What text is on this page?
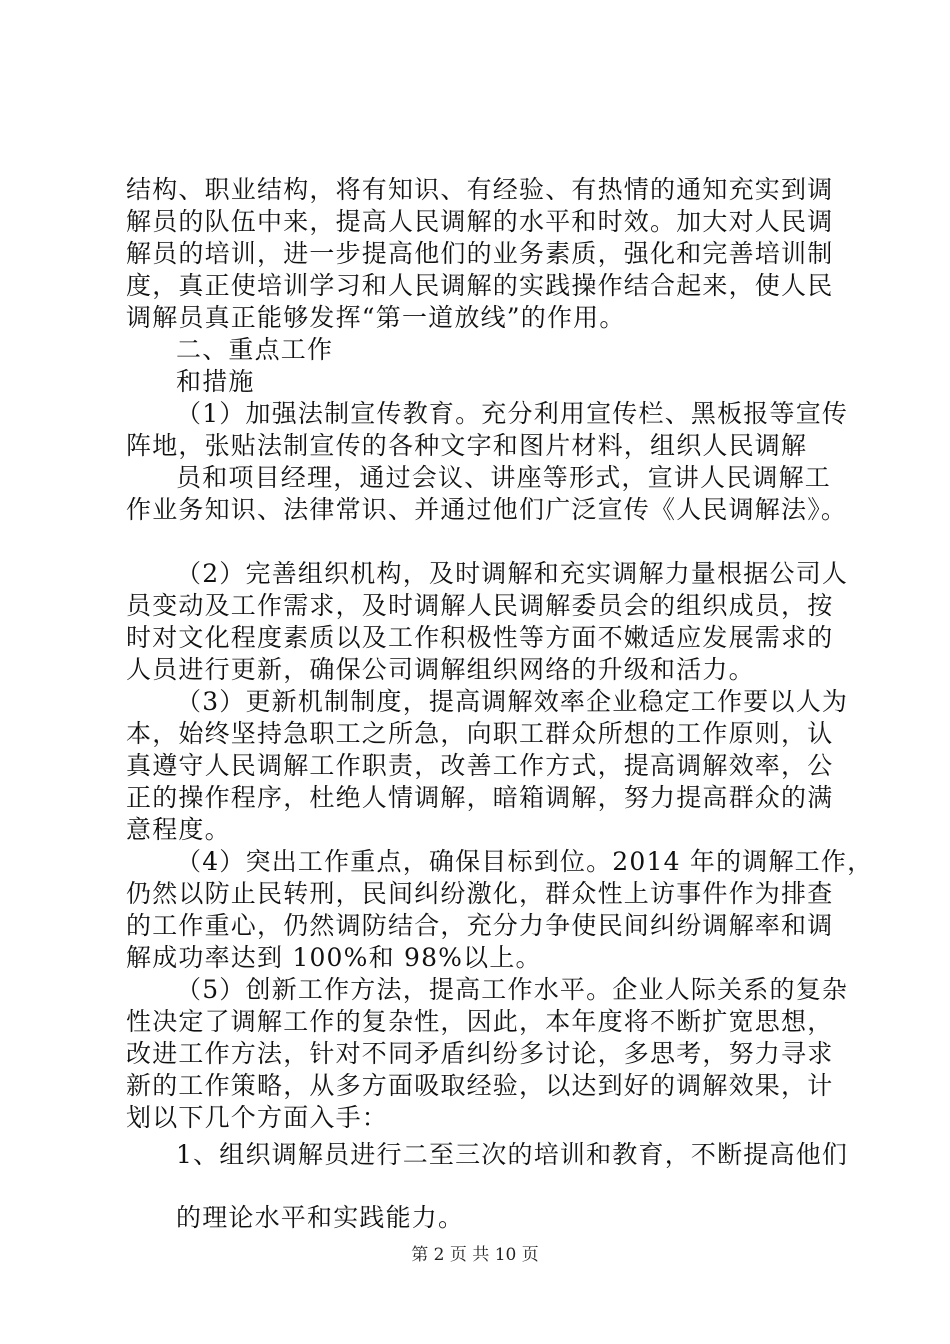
结构、职业结构，将有知识、有经验、有热情的通知充实到调
解员的队伍中来，提高人民调解的水平和时效。加大对人民调
解员的培训，进一步提高他们的业务素质，强化和完善培训制
度，真正使培训学习和人民调解的实践操作结合起来，使人民
调解员真正能够发挥“第一道放线”的作用。
二、重点工作
和措施
（1）加强法制宣传教育。充分利用宣传栏、黑板报等宣传
阵地，张贴法制宣传的各种文字和图片材料，组织人民调解
员和项目经理，通过会议、讲座等形式，宣讲人民调解工
作业务知识、法律常识、并通过他们广泛宣传《人民调解法》。
（2）完善组织机构，及时调解和充实调解力量根据公司人
员变动及工作需求，及时调解人民调解委员会的组织成员，按
时对文化程度素质以及工作积极性等方面不嫩适应发展需求的
人员进行更新，确保公司调解组织网络的升级和活力。
（3）更新机制制度，提高调解效率企业稳定工作要以人为
本，始终坚持急职工之所急，向职工群众所想的工作原则，认
真遵守人民调解工作职责，改善工作方式，提高调解效率，公
正的操作程序，杜绝人情调解，暗箱调解，努力提高群众的满
意程度。
（4）突出工作重点，确保目标到位。2014 年的调解工作，
仍然以防止民转刑，民间纠纷激化，群众性上访事件作为排查
的工作重心，仍然调防结合，充分力争使民间纠纷调解率和调
解成功率达到 100%和 98%以上。
（5）创新工作方法，提高工作水平。企业人际关系的复杂
性决定了调解工作的复杂性，因此，本年度将不断扩宽思想，
改进工作方法，针对不同矛盾纠纷多讨论，多思考，努力寻求
新的工作策略，从多方面吸取经验，以达到好的调解效果，计
划以下几个方面入手：
1、组织调解员进行二至三次的培训和教育，不断提高他们
的理论水平和实践能力。
第 2 页 共 10 页
